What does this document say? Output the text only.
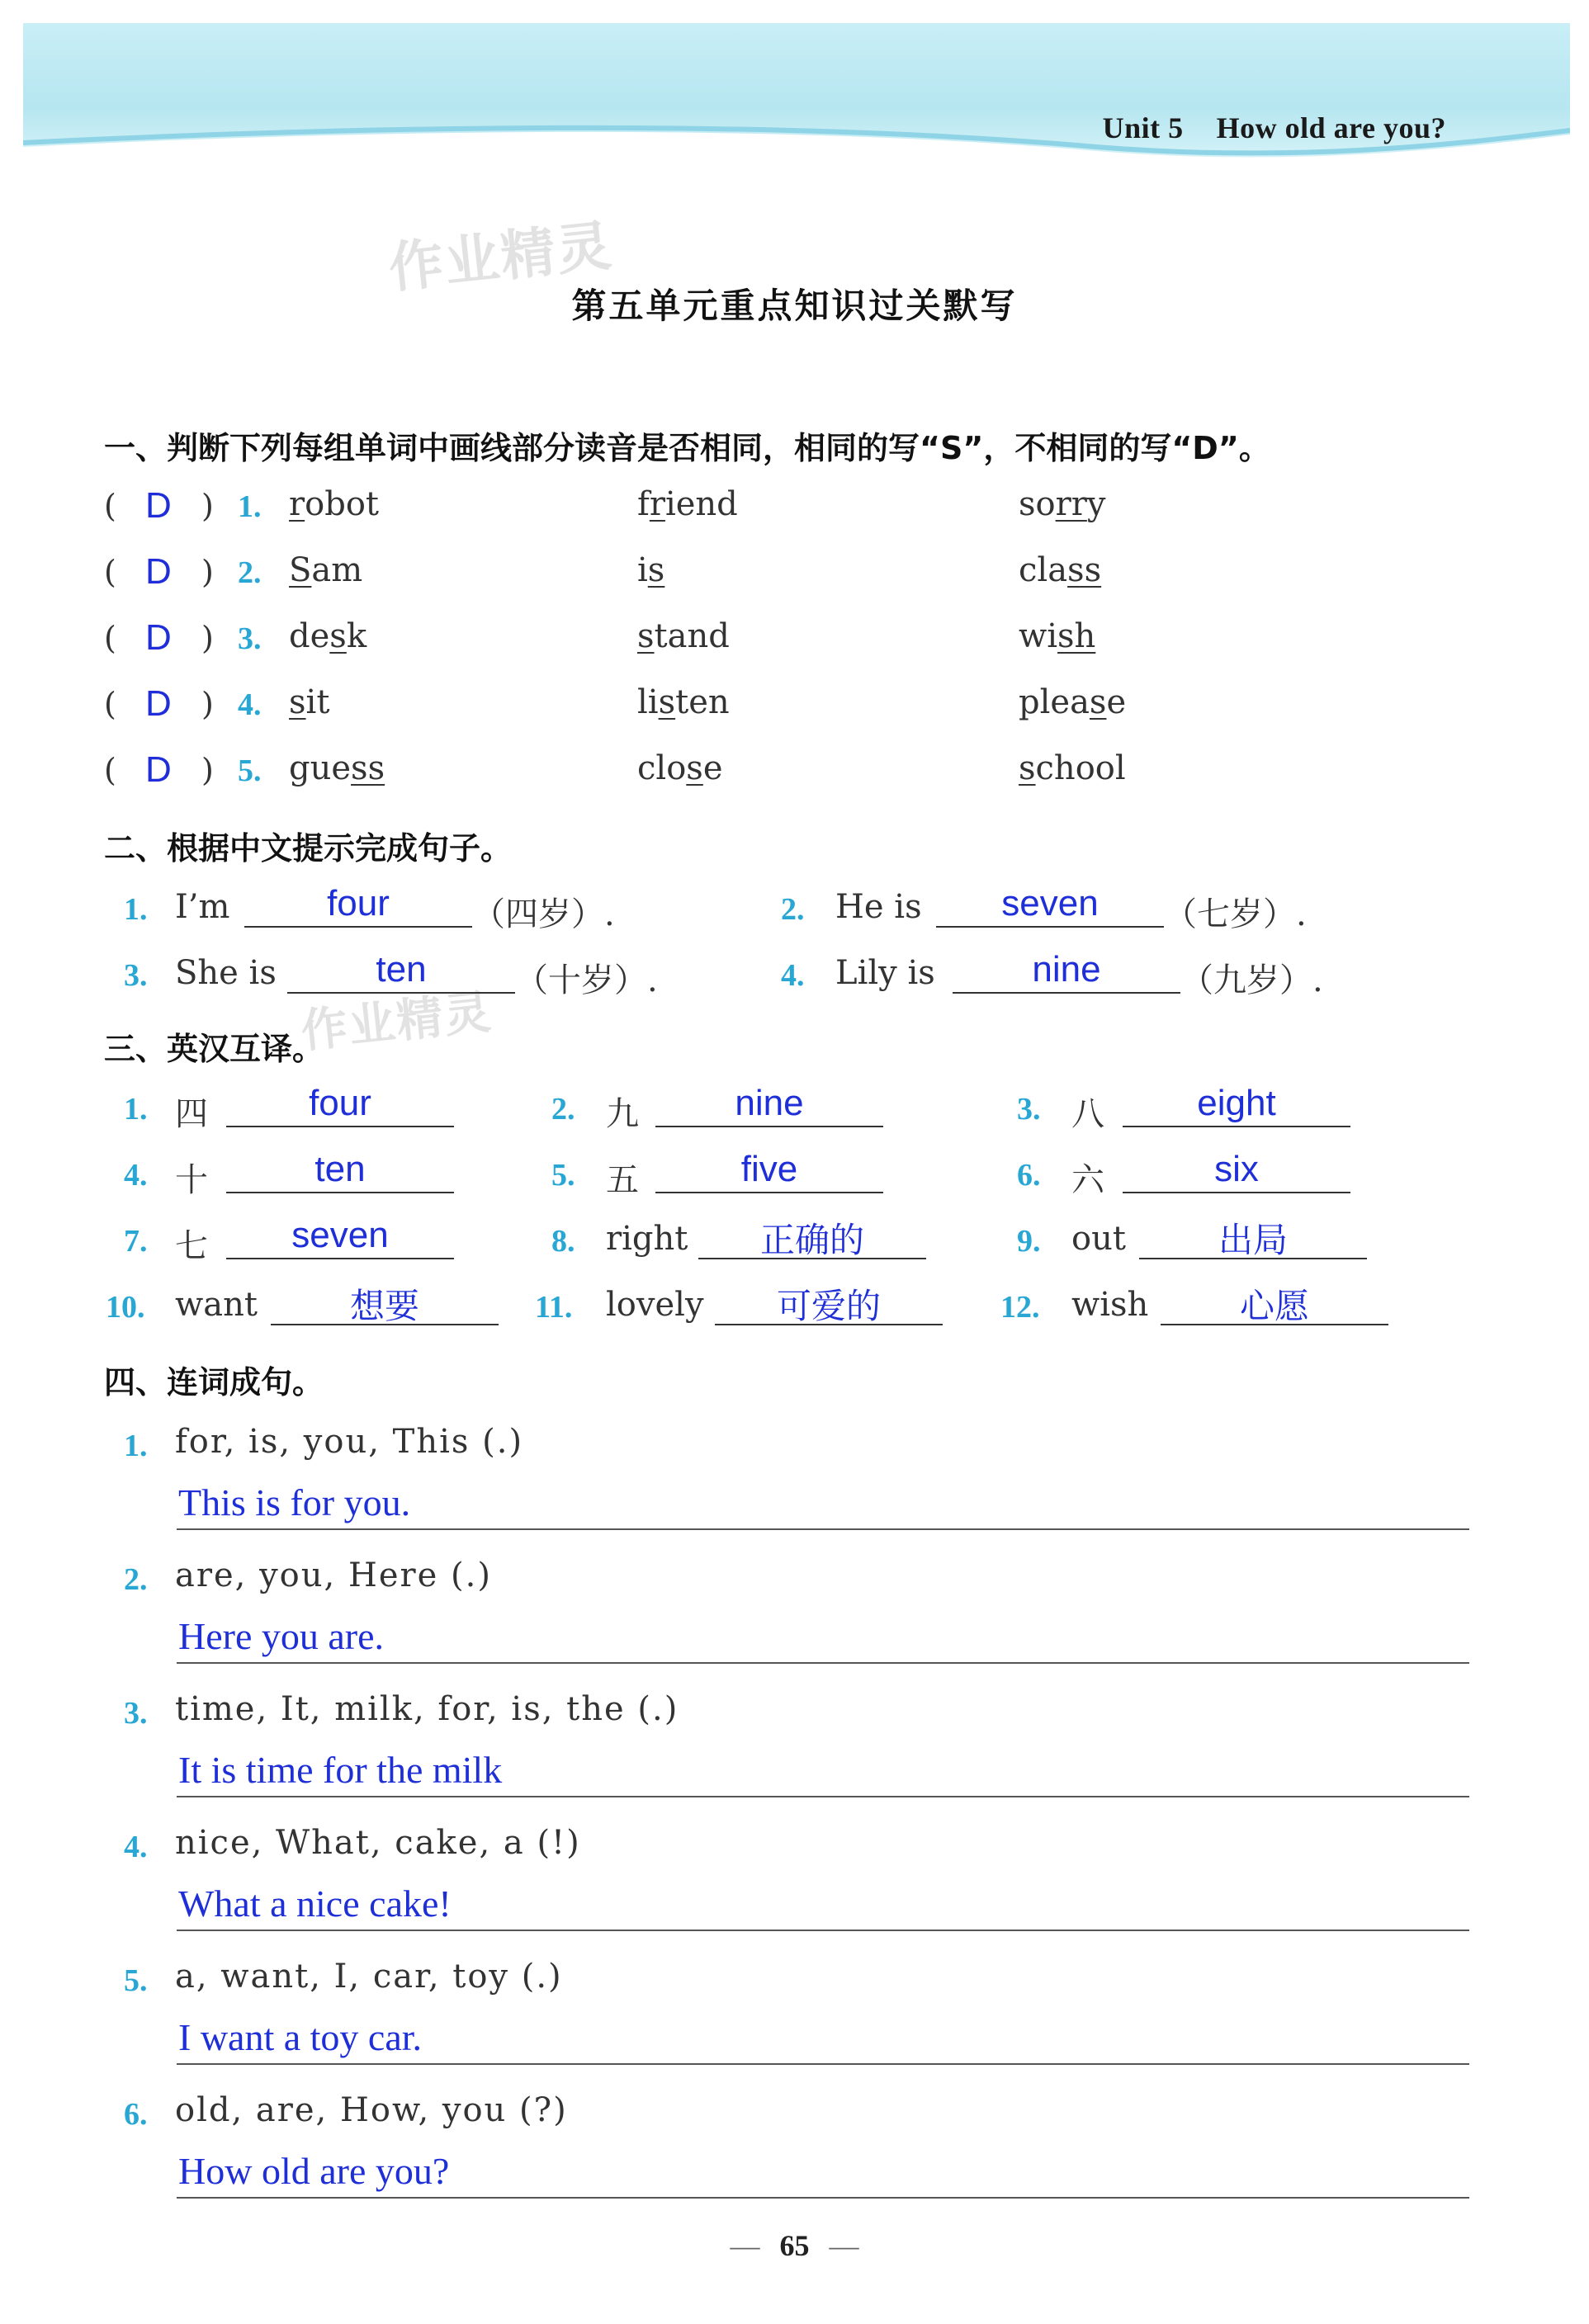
Unit 5 How old are you?
作业精灵
作业精灵
第五单元重点知识过关默写
一、判断下列每组单词中画线部分读音是否相同，相同的写“S”，不相同的写“D”。
( D ) 1. robot	friend	sorry
( D ) 2. Sam	is	class
( D ) 3. desk	stand	wish
( D ) 4. sit	listen	please
( D ) 5. guess	close	school
二、根据中文提示完成句子。
1. I’m	four	（四岁）.	2. He is	seven	（七岁）.
3. She is	ten	（十岁）.	4. Lily is	nine	（九岁）.
三、英汉互译。
1. 四	four	2. 九	nine	3. 八	eight
4. 十	ten	5. 五	five	6. 六	six
7. 七	seven	8. right	正确的	9. out	出局
10. want	想要	11. lovely	可爱的	12. wish	心愿
四、连词成句。
1. for, is, you, This (.)
This is for you.
2. are, you, Here (.)
Here you are.
3. time, It, milk, for, is, the (.)
It is time for the milk
4. nice, What, cake, a (!)
What a nice cake!
5. a, want, I, car, toy (.)
I want a toy car.
6. old, are, How, you (?)
How old are you?
— 65 —
